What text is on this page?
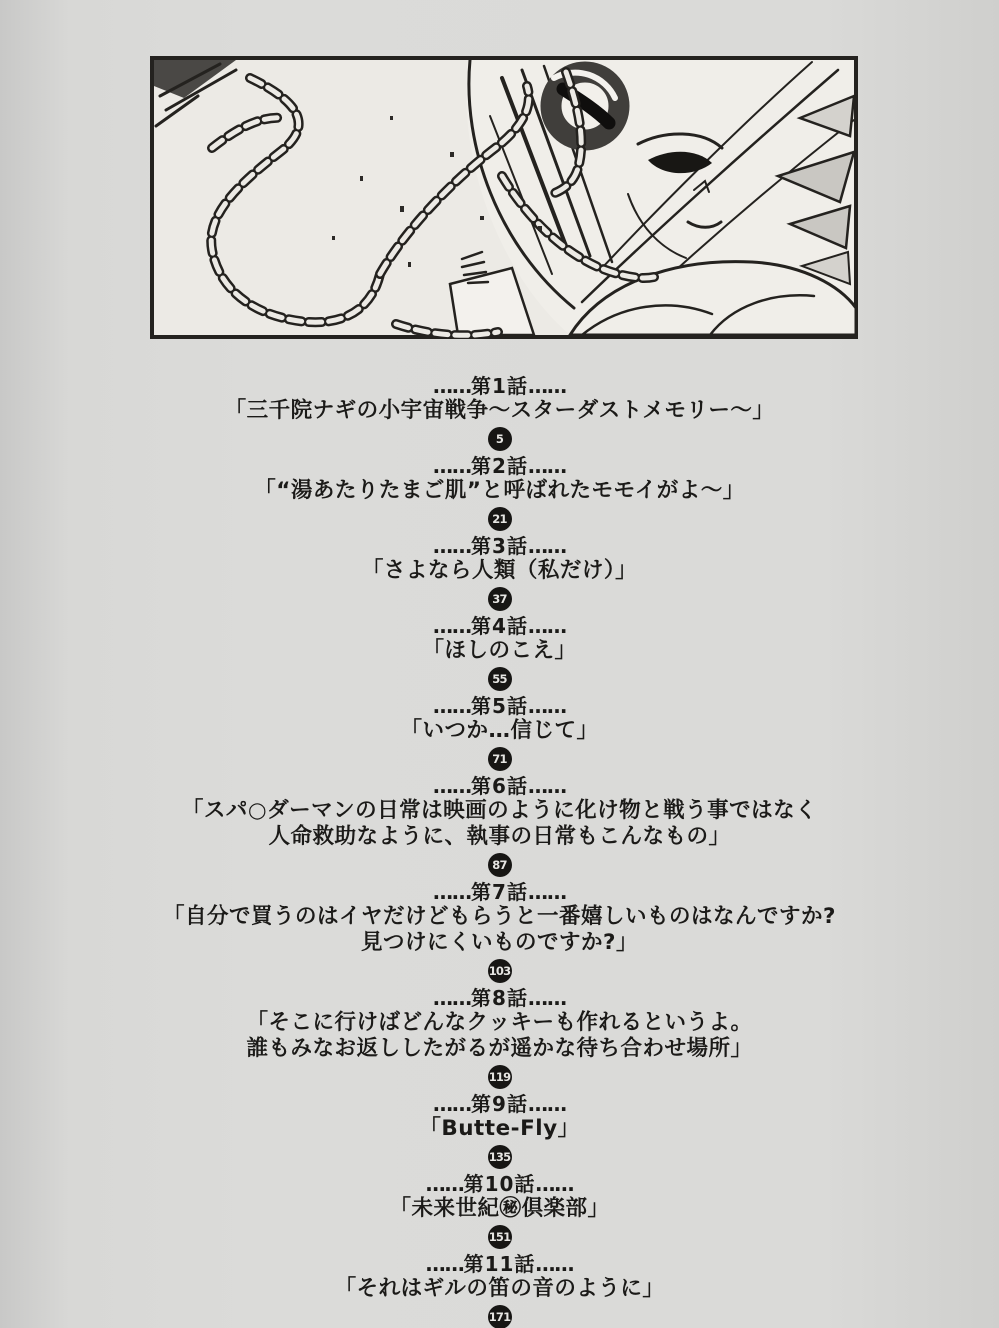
……第1話……
「三千院ナギの小宇宙戦争～スターダストメモリー～」
5
……第2話……
「“湯あたりたまご肌”と呼ばれたモモイがよ～」
21
……第3話……
「さよなら人類（私だけ）」
37
……第4話……
「ほしのこえ」
55
……第5話……
「いつか…信じて」
71
……第6話……
「スパ○ダーマンの日常は映画のように化け物と戦う事ではなく
人命救助なように、執事の日常もこんなもの」
87
……第7話……
「自分で買うのはイヤだけどもらうと一番嬉しいものはなんですか?
見つけにくいものですか?」
103
……第8話……
「そこに行けばどんなクッキーも作れるというよ。
誰もみなお返ししたがるが遥かな待ち合わせ場所」
119
……第9話……
「Butte-Fly」
135
……第10話……
「未来世紀㊙倶楽部」
151
……第11話……
「それはギルの笛の音のように」
171
